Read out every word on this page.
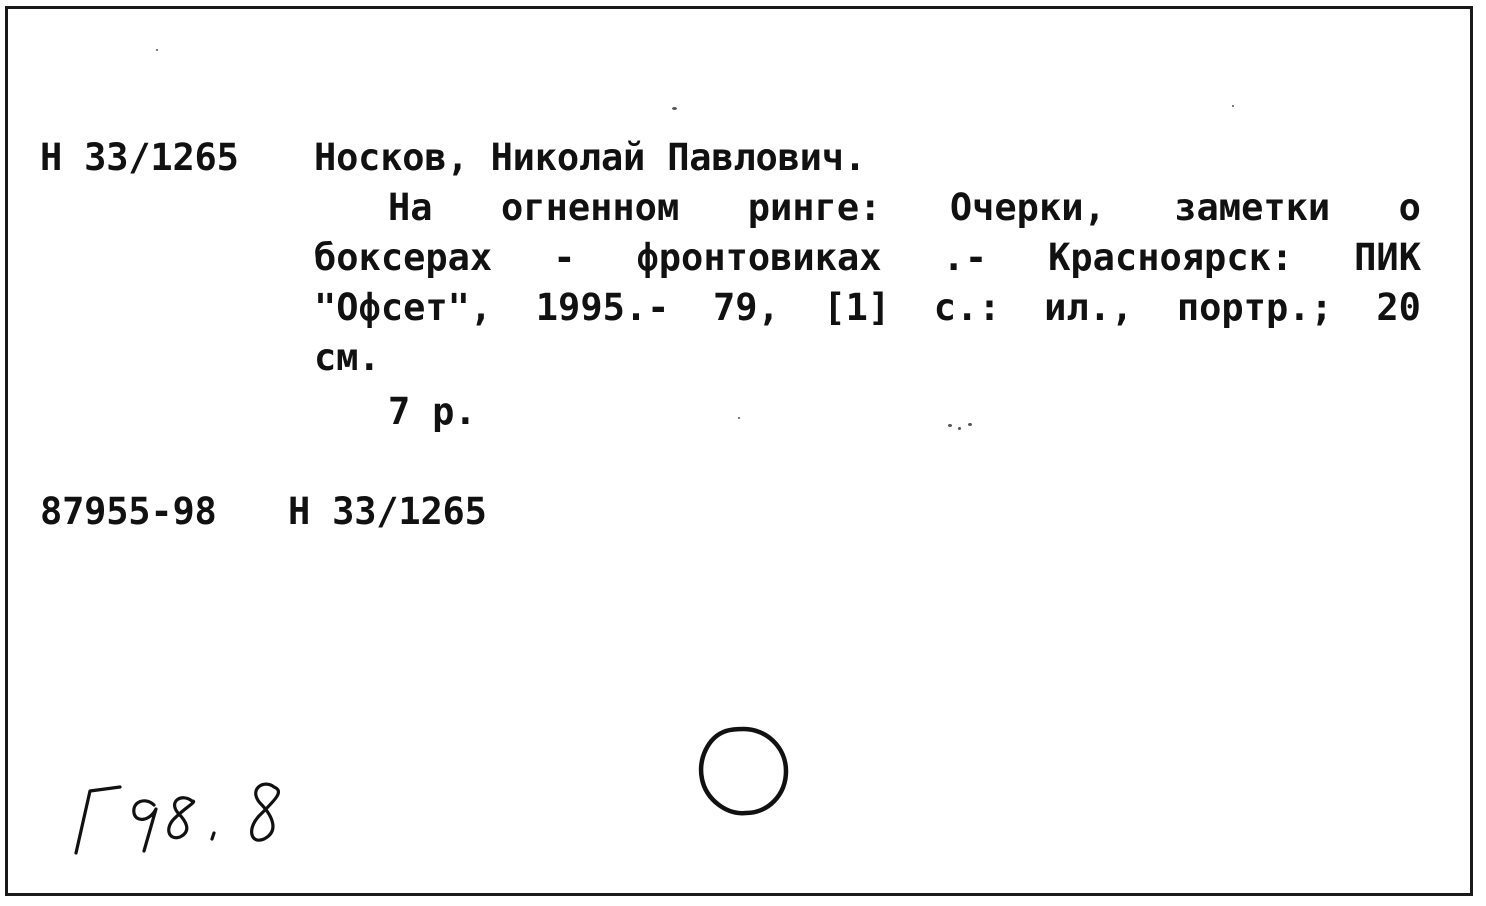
Н 33/1265 Носков, Николай Павлович.
На огненном ринге: Очерки, заметки о
боксерах - фронтовиках .- Красноярск: ПИК
"Офсет", 1995.- 79, [1] с.: ил., портр.; 20
см.
7 р.
87955-98 Н 33/1265
